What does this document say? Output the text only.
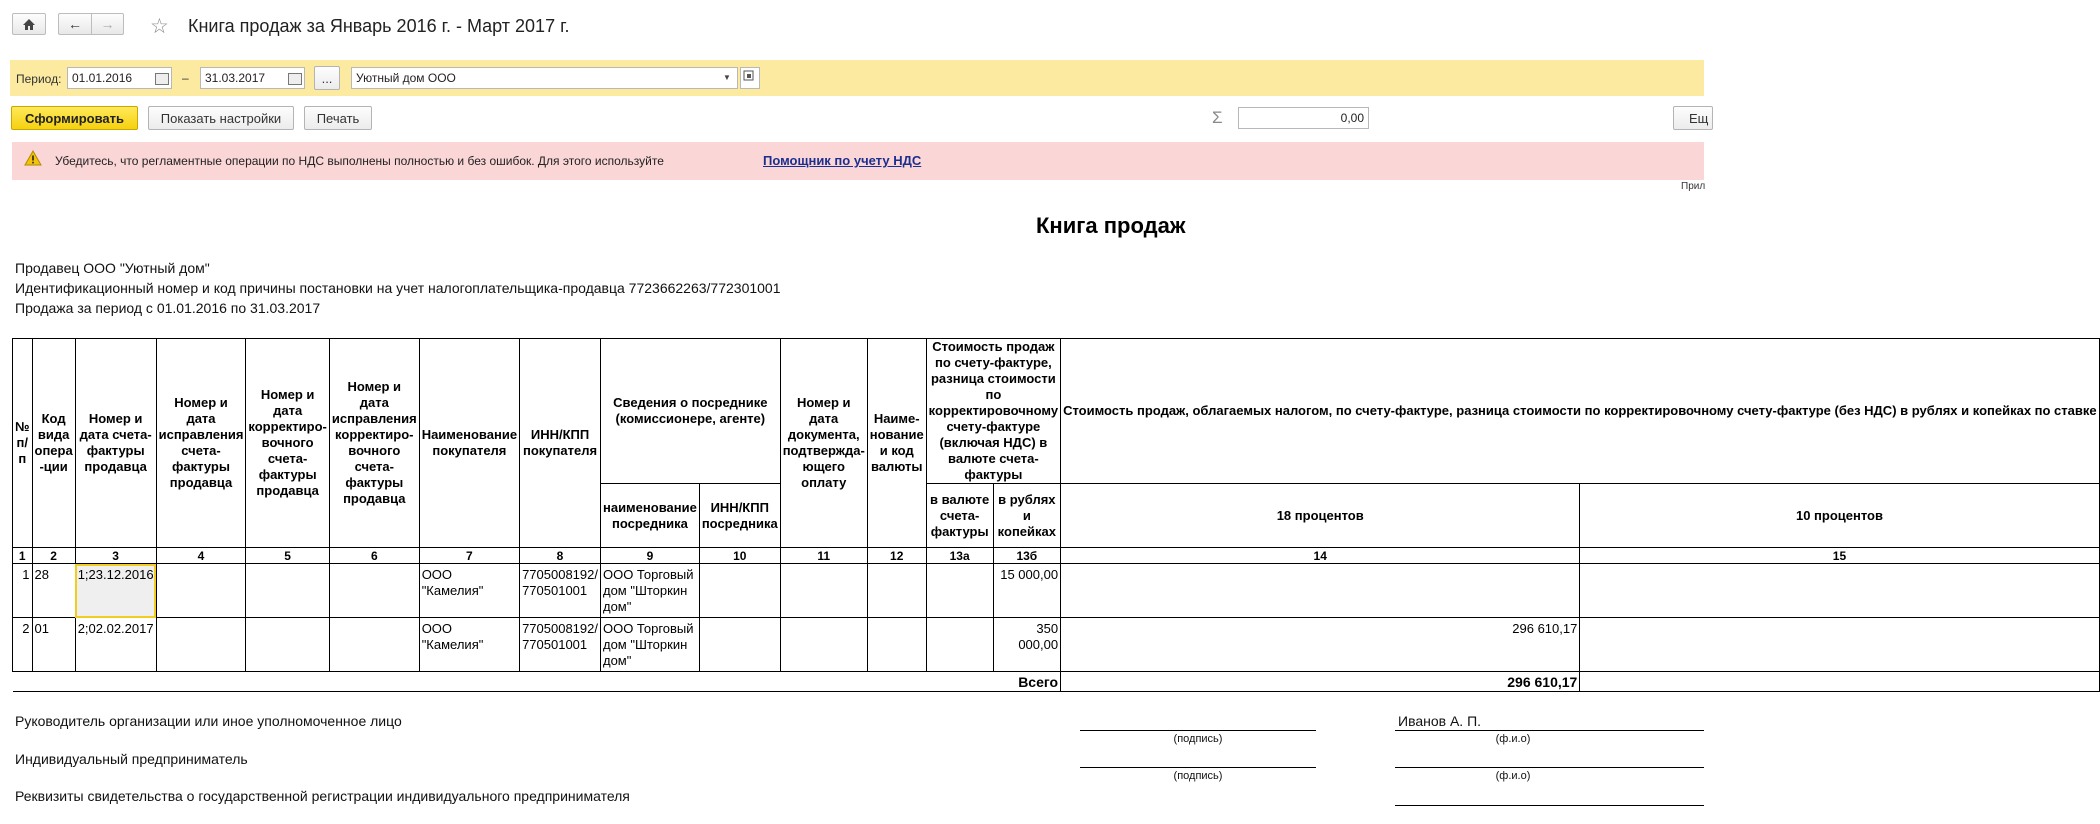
← → ☆ Книга продаж за Январь 2016 г. - Март 2017 г.
Период: 01.01.2016	–	31.03.2017	...	Уютный дом ООО	▼
Сформировать	Показать настройки	Печать	Σ	0,00	Ещ
Убедитесь, что регламентные операции по НДС выполнены полностью и без ошибок. Для этого используйте	Помощник по учету НДС
Прил
Книга продаж
Продавец ООО "Уютный дом"
Идентификационный номер и код причины постановки на учет налогоплательщика-продавца 7723662263/772301001
Продажа за период с 01.01.2016 по 31.03.2017
№ п/п	Код вида опера -ции	Номер и дата счета-фактуры продавца	Номер и дата исправления счета-фактуры продавца	Номер и дата корректиро-вочного счета-фактуры продавца	Номер и дата исправления корректиро-вочного счета-фактуры продавца	Наименование покупателя	ИНН/КПП покупателя	Сведения о посреднике (комиссионере, агенте)		Номер и дата документа, подтвержда-ющего оплату	Наиме-нование и код валюты	Стоимость продаж по счету-фактуре, разница стоимости по корректировочному счету-фактуре (включая НДС) в валюте счета-фактуры		Стоимость продаж, облагаемых налогом, по счету-фактуре, разница стоимости по корректировочному счету-фактуре (без НДС) в рублях и копейках по ставке	
								наименование посредника	ИНН/КПП посредника			в валюте счета-фактуры	в рублях и копейках	18 процентов	10 процентов
1	2	3	4	5	6	7	8	9	10	11	12	13а	13б	14	15
1	28	1;23.12.2016				ООО "Камелия"	7705008192/ 770501001	ООО Торговый дом "Шторкин дом"					15 000,00		
2	01	2;02.02.2017				ООО "Камелия"	7705008192/ 770501001	ООО Торговый дом "Шторкин дом"					350 000,00	296 610,17	
Всего														296 610,17	
Руководитель организации или иное уполномоченное лицо
(подпись)
Иванов А. П.
(ф.и.о)
Индивидуальный предприниматель
(подпись)	(ф.и.о)
Реквизиты свидетельства о государственной регистрации индивидуального предпринимателя
